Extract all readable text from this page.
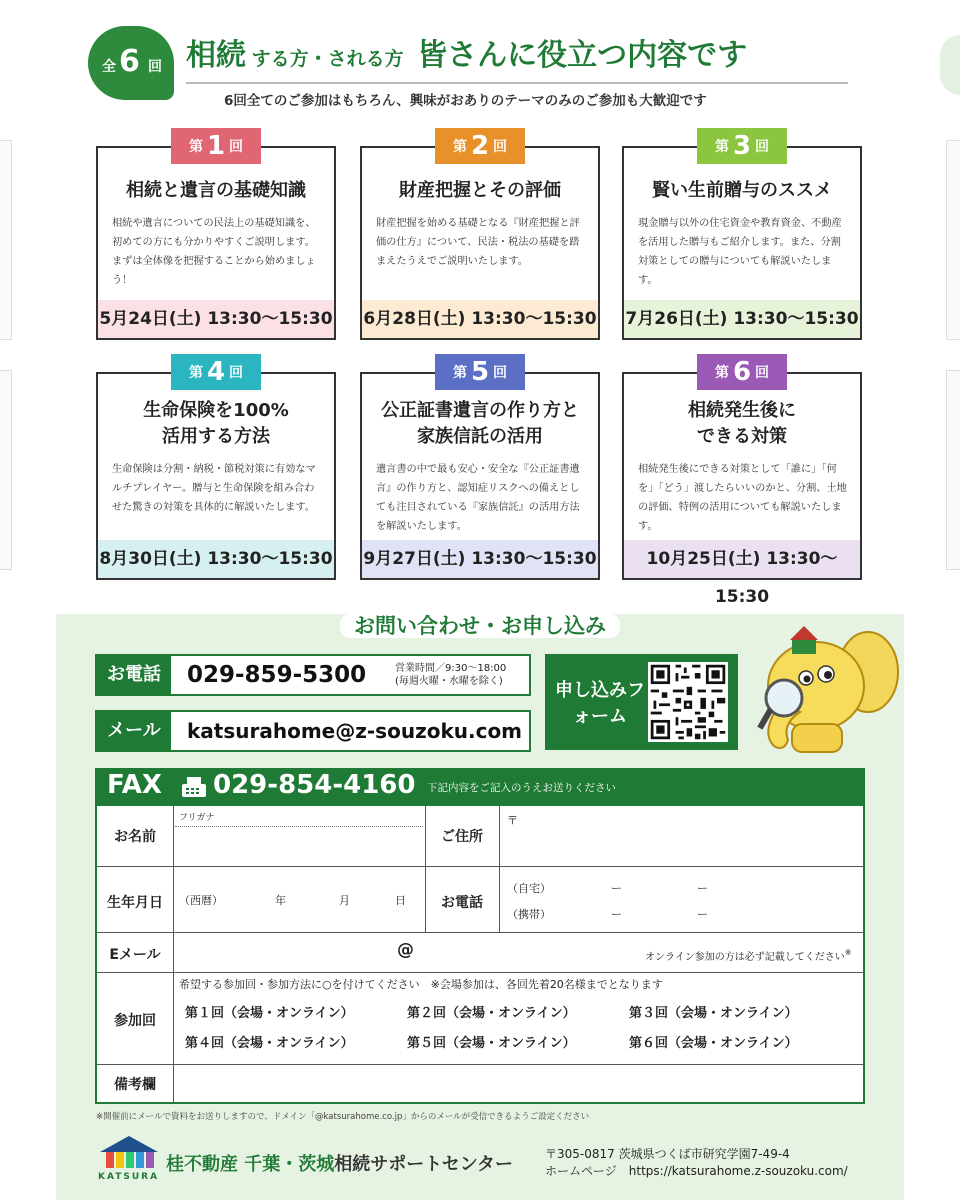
全 6 回 相続 する方・される方 皆さんに役立つ内容です
6回全てのご参加はもちろん、興味がおありのテーマのみのご参加も大歓迎です
相続と遺言の基礎知識
相続や遺言についての民法上の基礎知識を、初めての方にも分かりやすくご説明します。まずは全体像を把握することから始めましょう！
5月24日(土) 13:30〜15:30
第 1 回
財産把握とその評価
財産把握を始める基礎となる『財産把握と評価の仕方』について、民法・税法の基礎を踏まえたうえでご説明いたします。
6月28日(土) 13:30〜15:30
第 2 回
賢い生前贈与のススメ
現金贈与以外の住宅資金や教育資金、不動産を活用した贈与もご紹介します。また、分割対策としての贈与についても解説いたします。
7月26日(土) 13:30〜15:30
第 3 回
生命保険を100%
活用する方法
生命保険は分割・納税・節税対策に有効なマルチプレイヤー。贈与と生命保険を組み合わせた驚きの対策を具体的に解説いたします。
8月30日(土) 13:30〜15:30
第 4 回
公正証書遺言の作り方と
家族信託の活用
遺言書の中で最も安心・安全な『公正証書遺言』の作り方と、認知症リスクへの備えとしても注目されている『家族信託』の活用方法を解説いたします。
9月27日(土) 13:30〜15:30
第 5 回
相続発生後に
できる対策
相続発生後にできる対策として「誰に」「何を」「どう」渡したらいいのかと、分割、土地の評価、特例の活用についても解説いたします。
10月25日(土) 13:30〜15:30
第 6 回
お問い合わせ・お申し込み
お電話	029-859-5300	営業時間／9:30〜18:00
(毎週火曜・水曜を除く)
メール	katsurahome@z-souzoku.com
申し込みフォーム
FAX 029-854-4160 下記内容をご記入のうえお送りください
お名前
フリガナ
ご住所
〒
生年月日	（西暦）	年	月	日	お電話
（自宅）	ー	ー
（携帯）	ー	ー
Eメール	@	オンライン参加の方は必ず記載してください※
参加回
希望する参加回・参加方法に○を付けてください　※会場参加は、各回先着20名様までとなります
第１回（会場・オンライン）	第２回（会場・オンライン）	第３回（会場・オンライン）
第４回（会場・オンライン）	第５回（会場・オンライン）	第６回（会場・オンライン）
備考欄
※開催前にメールで資料をお送りしますので、ドメイン「@katsurahome.co.jp」からのメールが受信できるようご設定ください
KATSURA
桂不動産 千葉・茨城相続サポートセンター	〒305-0817 茨城県つくば市研究学園7-49-4
ホームページ　 https://katsurahome.z-souzoku.com/
